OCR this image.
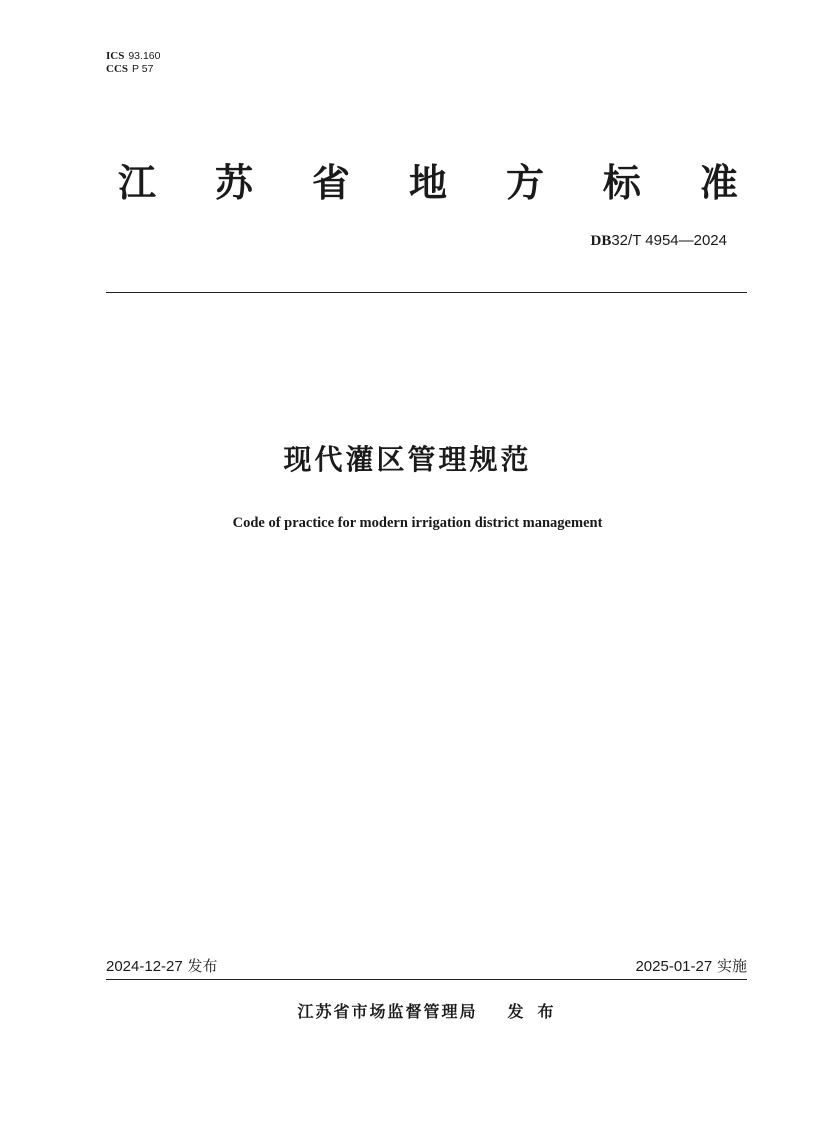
ICS 93.160
CCS P 57
江 苏 省 地 方 标 准
DB32/T 4954—2024
现代灌区管理规范
Code of practice for modern irrigation district management
2024-12-27 发布	2025-01-27 实施
江苏省市场监督管理局 发布
